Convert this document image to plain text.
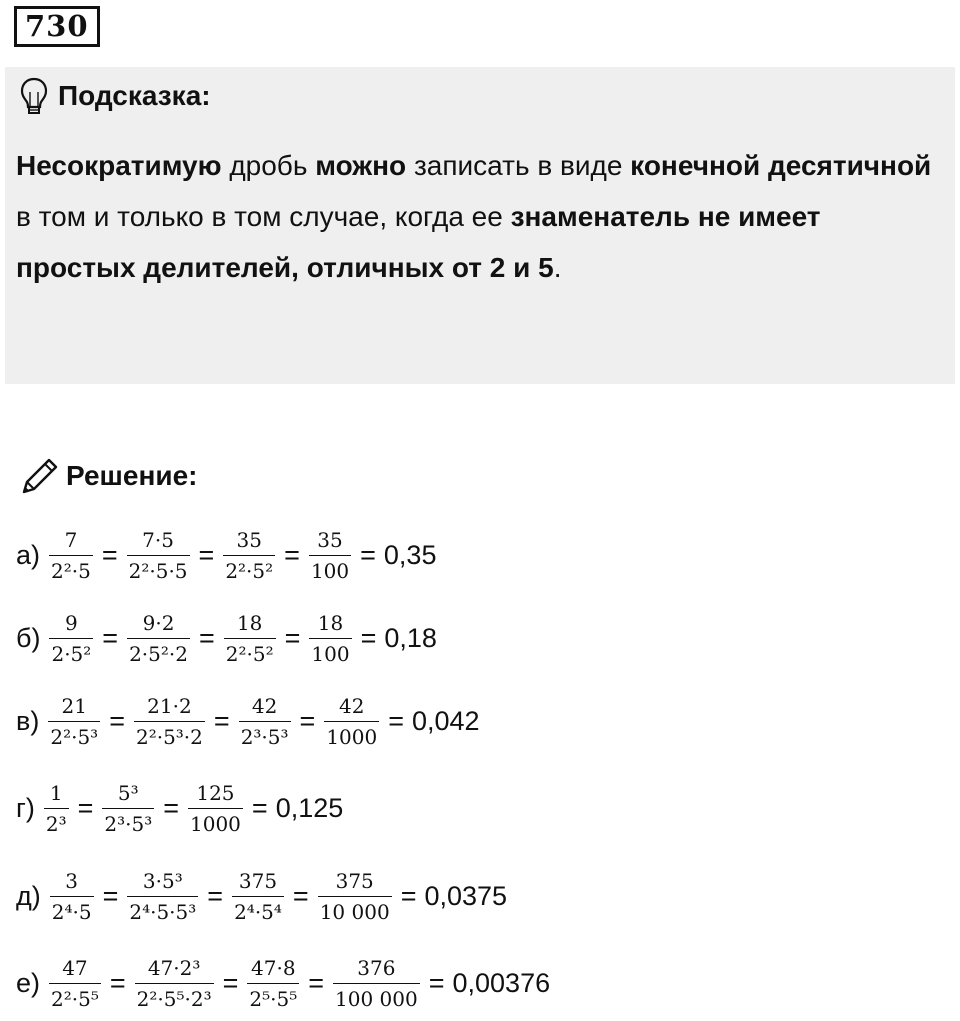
730
Подсказка:
Несократимую дробь можно записать в виде конечной десятичной в том и только в том случае, когда ее знаменатель не имеет простых делителей, отличных от 2 и 5.
Решение:
$а) \frac{7}{\text{2²·5}} = \frac{7\cdot 5}{\text{2²·5·5}} = \frac{35}{\text{2²·5²}} = \frac{35}{100} = 0,35$
$б) \frac{9}{\text{2·5²}} = \frac{9\cdot 2}{\text{2·5²·2}} = \frac{18}{\text{2²·5²}} = \frac{18}{100} = 0,18$
$в) \frac{21}{\text{2²·5³}} = \frac{21\cdot 2}{\text{2²·5³·2}} = \frac{42}{\text{2³·5³}} = \frac{42}{1000} = 0,042$
$г) \frac{1}{\text{2³}} = \frac{\text{5³}}{\text{2³·5³}} = \frac{125}{1000} = 0,125$
$д) \frac{3}{\text{2⁴·5}} = \frac{\text{3·5³}}{\text{2⁴·5·5³}} = \frac{375}{\text{2⁴·5⁴}} = \frac{375}{10 000} = 0,0375$
$е) \frac{47}{\text{2²·5⁵}} = \frac{\text{47·2³}}{\text{2²·5⁵·2³}} = \frac{47\cdot 8}{\text{2⁵·5⁵}} = \frac{376}{100 000} = 0,00376$
